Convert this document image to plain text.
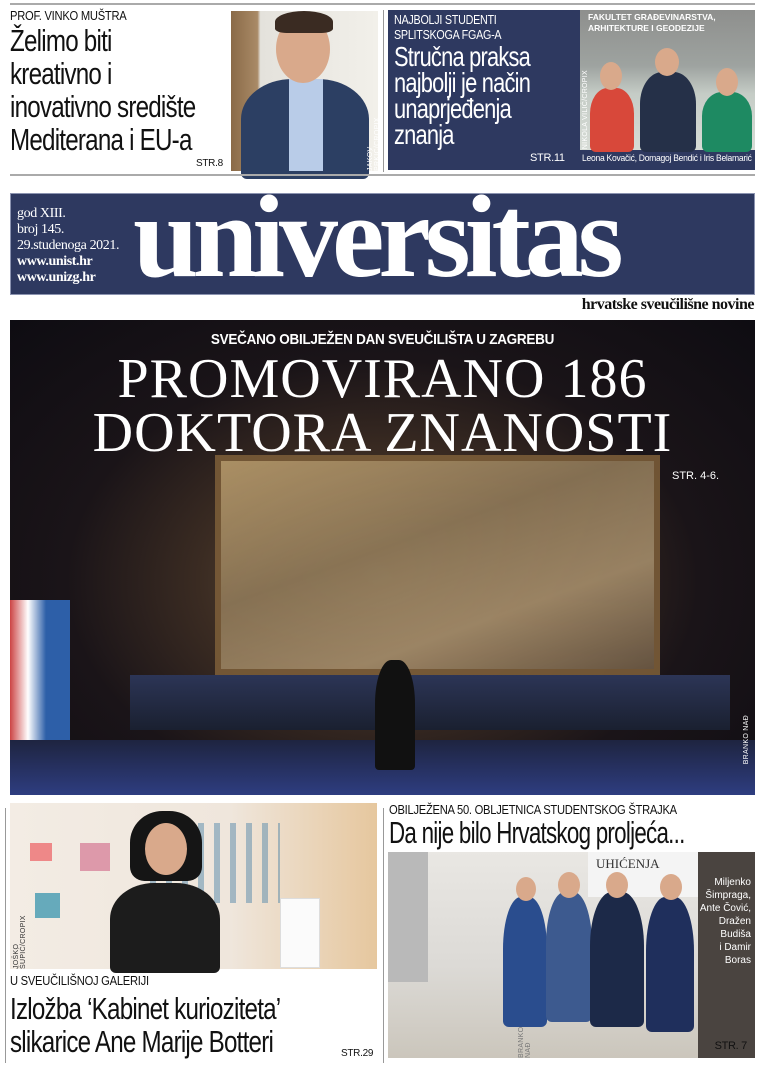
PROF. VINKO MUŠTRA
Želimo biti
kreativno i
inovativno središte
Mediterana i EU-a
STR.8	JAKOV PRKIĆ/CROPIX
NAJBOLJI STUDENTI
SPLITSKOGA FGAG-A
Stručna praksa
najbolji je način
unaprjeđenja
znanja
STR.11
FAKULTET GRAĐEVINARSTVA,
ARHITEKTURE I GEODEZIJE
NIKOLA VILIĆ/CROPIX
Leona Kovačić, Domagoj Bendić i Iris Belamarić
god XIII.
broj 145.
29.studenoga 2021.
www.unist.hr
www.unizg.hr universitas
hrvatske sveučilišne novine
SVEČANO OBILJEŽEN DAN SVEUČILIŠTA U ZAGREBU
PROMOVIRANO 186
DOKTORA ZNANOSTI
STR. 4-6.
BRANKO NAĐ
JOŠKO ŠUPIĆ/CROPIX
U SVEUČILIŠNOJ GALERIJI
Izložba ‘Kabinet kurioziteta’
slikarice Ane Marije Botteri	STR.29
OBILJEŽENA 50. OBLJETNICA STUDENTSKOG ŠTRAJKA
Da nije bilo Hrvatskog proljeća...
UHIĆENJA
Miljenko
Šimpraga,
Ante Čović,
Dražen
Budiša
i Damir
Boras
STR. 7
BRANKO NAĐ
